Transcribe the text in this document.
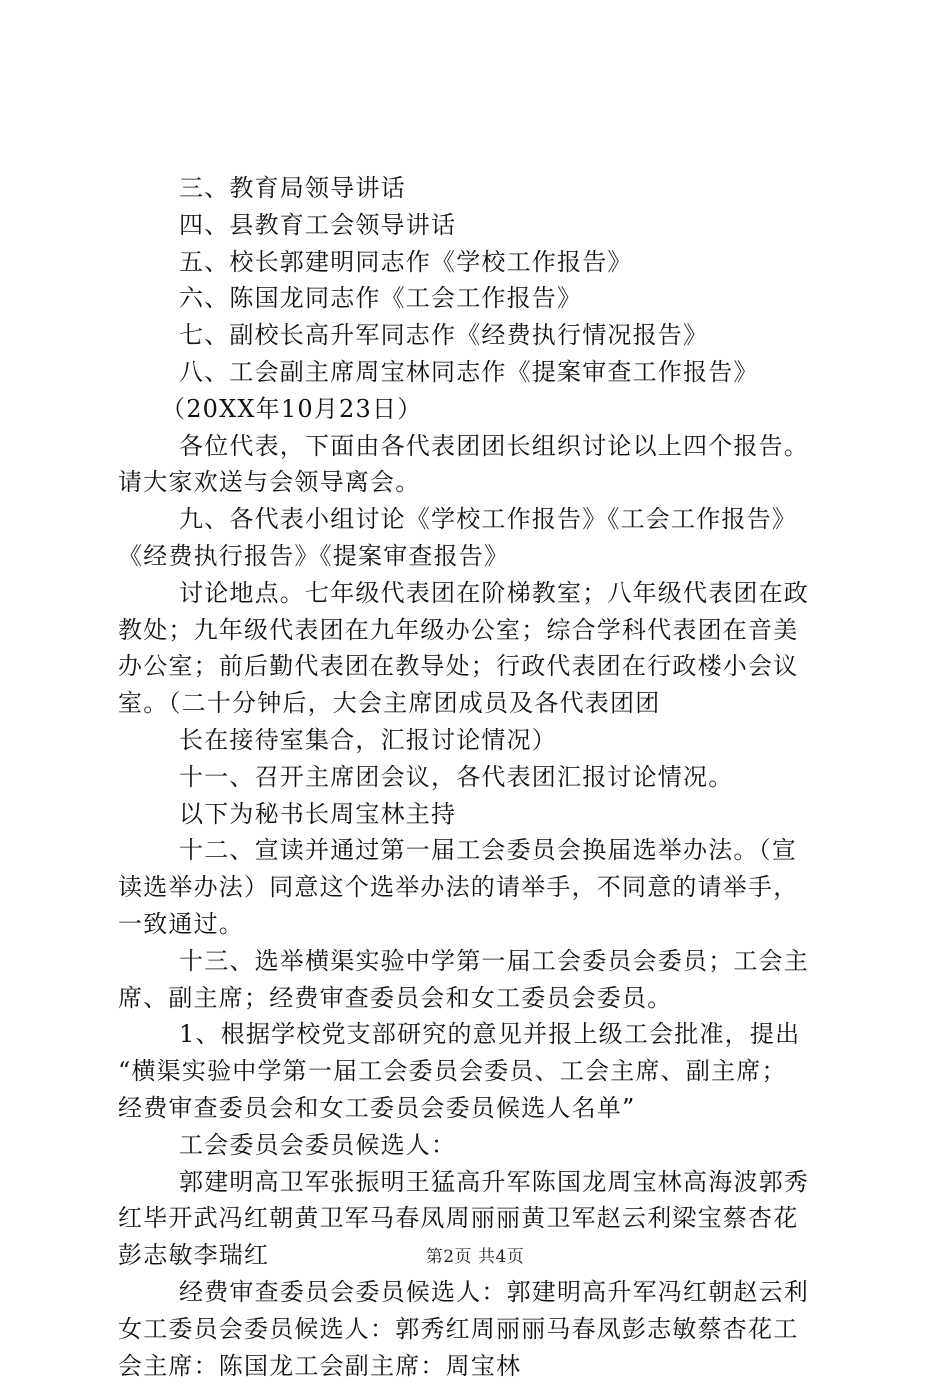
三、教育局领导讲话
四、县教育工会领导讲话
五、校长郭建明同志作《学校工作报告》
六、陈国龙同志作《工会工作报告》
七、副校长高升军同志作《经费执行情况报告》
八、工会副主席周宝林同志作《提案审查工作报告》
（20XX年10月23日）
各位代表，下面由各代表团团长组织讨论以上四个报告。
请大家欢送与会领导离会。
九、各代表小组讨论《学校工作报告》《工会工作报告》
《经费执行报告》《提案审查报告》
讨论地点。七年级代表团在阶梯教室；八年级代表团在政
教处；九年级代表团在九年级办公室；综合学科代表团在音美
办公室；前后勤代表团在教导处；行政代表团在行政楼小会议
室。（二十分钟后，大会主席团成员及各代表团团
长在接待室集合，汇报讨论情况）
十一、召开主席团会议，各代表团汇报讨论情况。
以下为秘书长周宝林主持
十二、宣读并通过第一届工会委员会换届选举办法。（宣
读选举办法）同意这个选举办法的请举手，不同意的请举手，
一致通过。
十三、选举横渠实验中学第一届工会委员会委员；工会主
席、副主席；经费审查委员会和女工委员会委员。
1、根据学校党支部研究的意见并报上级工会批准，提出
“横渠实验中学第一届工会委员会委员、工会主席、副主席；
经费审查委员会和女工委员会委员候选人名单”
工会委员会委员候选人：
郭建明高卫军张振明王猛高升军陈国龙周宝林高海波郭秀
红毕开武冯红朝黄卫军马春凤周丽丽黄卫军赵云利梁宝蔡杏花
彭志敏李瑞红
经费审查委员会委员候选人：郭建明高升军冯红朝赵云利
女工委员会委员候选人：郭秀红周丽丽马春凤彭志敏蔡杏花工
会主席：陈国龙工会副主席：周宝林
第2页 共4页
